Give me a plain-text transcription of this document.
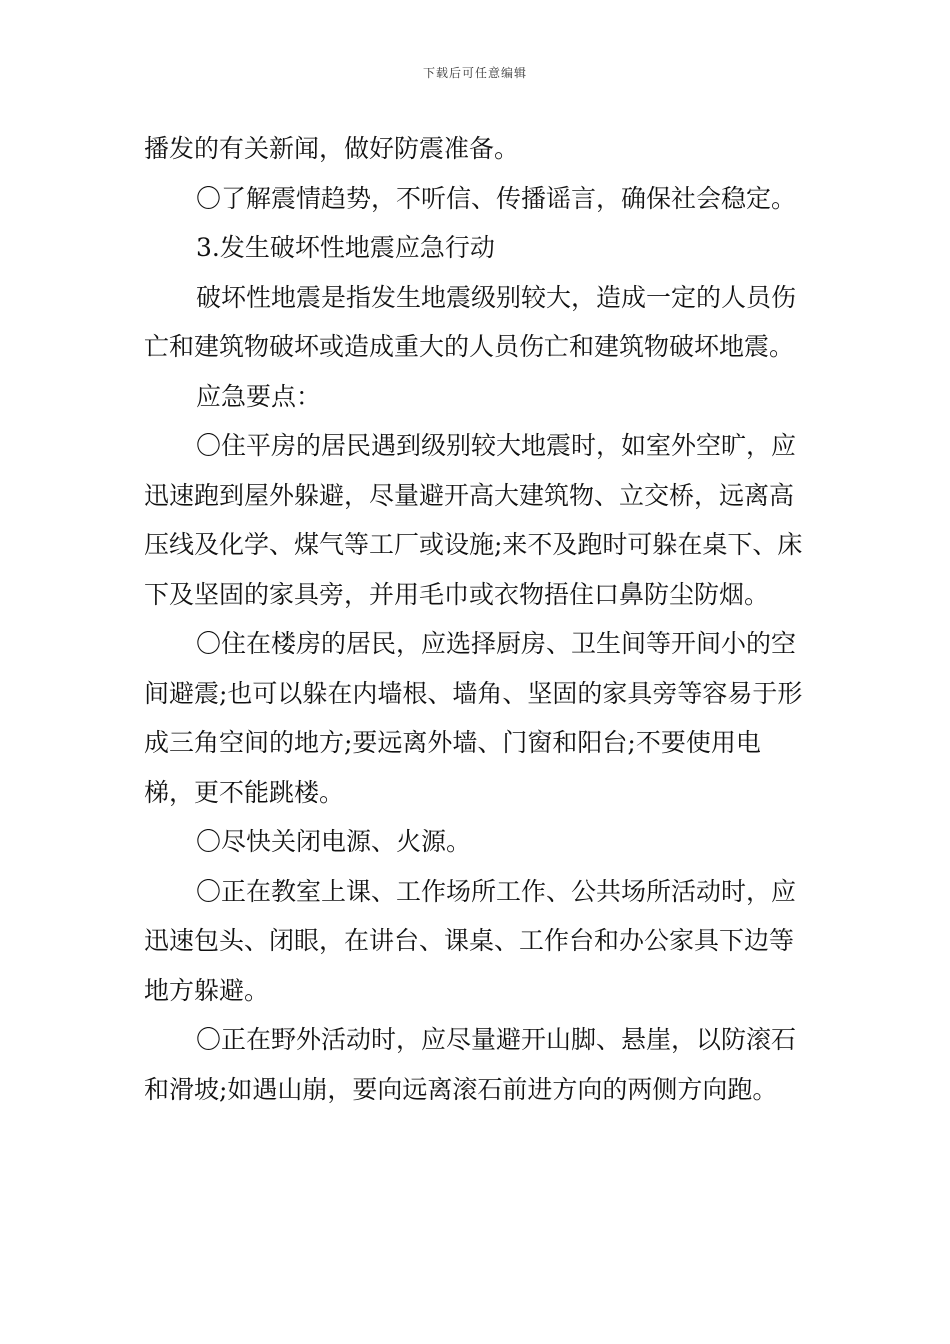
下载后可任意编辑

播发的有关新闻，做好防震准备。

〇了解震情趋势，不听信、传播谣言，确保社会稳定。

3.发生破坏性地震应急行动

破坏性地震是指发生地震级别较大，造成一定的人员伤亡和建筑物破坏或造成重大的人员伤亡和建筑物破坏地震。

应急要点：

〇住平房的居民遇到级别较大地震时，如室外空旷，应迅速跑到屋外躲避，尽量避开高大建筑物、立交桥，远离高压线及化学、煤气等工厂或设施;来不及跑时可躲在桌下、床下及坚固的家具旁，并用毛巾或衣物捂住口鼻防尘防烟。

〇住在楼房的居民，应选择厨房、卫生间等开间小的空间避震;也可以躲在内墙根、墙角、坚固的家具旁等容易于形成三角空间的地方;要远离外墙、门窗和阳台;不要使用电梯，更不能跳楼。

〇尽快关闭电源、火源。

〇正在教室上课、工作场所工作、公共场所活动时，应迅速包头、闭眼，在讲台、课桌、工作台和办公家具下边等地方躲避。

〇正在野外活动时，应尽量避开山脚、悬崖，以防滚石和滑坡;如遇山崩，要向远离滚石前进方向的两侧方向跑。
